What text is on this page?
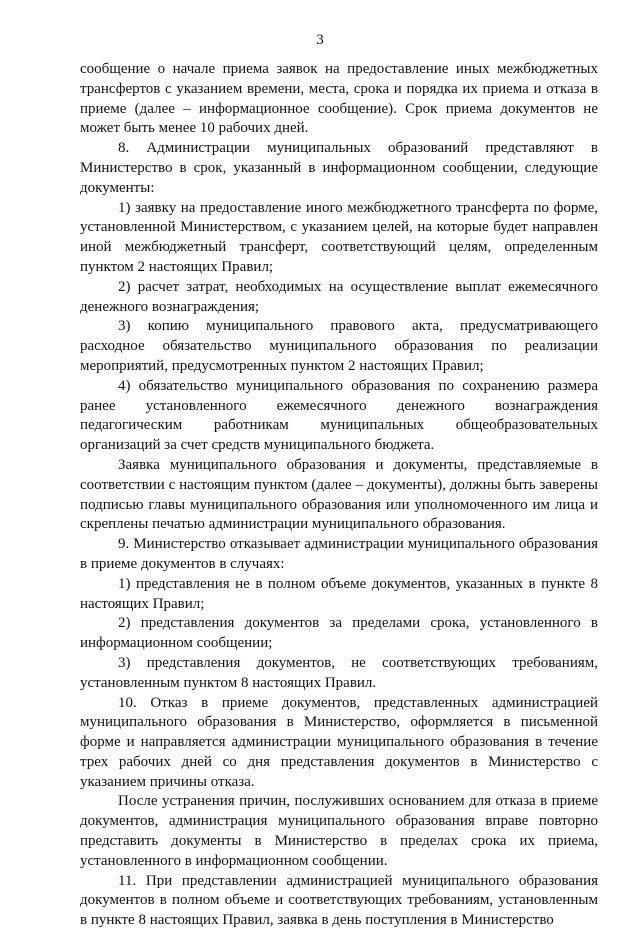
3

сообщение о начале приема заявок на предоставление иных межбюджетных трансфертов с указанием времени, места, срока и порядка их приема и отказа в приеме (далее – информационное сообщение). Срок приема документов не может быть менее 10 рабочих дней.

8. Администрации муниципальных образований представляют в Министерство в срок, указанный в информационном сообщении, следующие документы:

1) заявку на предоставление иного межбюджетного трансферта по форме, установленной Министерством, с указанием целей, на которые будет направлен иной межбюджетный трансферт, соответствующий целям, определенным пунктом 2 настоящих Правил;

2) расчет затрат, необходимых на осуществление выплат ежемесячного денежного вознаграждения;

3) копию муниципального правового акта, предусматривающего расходное обязательство муниципального образования по реализации мероприятий, предусмотренных пунктом 2 настоящих Правил;

4) обязательство муниципального образования по сохранению размера ранее установленного ежемесячного денежного вознаграждения педагогическим работникам муниципальных общеобразовательных организаций за счет средств муниципального бюджета.

Заявка муниципального образования и документы, представляемые в соответствии с настоящим пунктом (далее – документы), должны быть заверены подписью главы муниципального образования или уполномоченного им лица и скреплены печатью администрации муниципального образования.

9. Министерство отказывает администрации муниципального образования в приеме документов в случаях:

1) представления не в полном объеме документов, указанных в пункте 8 настоящих Правил;

2) представления документов за пределами срока, установленного в информационном сообщении;

3) представления документов, не соответствующих требованиям, установленным пунктом 8 настоящих Правил.

10. Отказ в приеме документов, представленных администрацией муниципального образования в Министерство, оформляется в письменной форме и направляется администрации муниципального образования в течение трех рабочих дней со дня представления документов в Министерство с указанием причины отказа.

После устранения причин, послуживших основанием для отказа в приеме документов, администрация муниципального образования вправе повторно представить документы в Министерство в пределах срока их приема, установленного в информационном сообщении.

11. При представлении администрацией муниципального образования документов в полном объеме и соответствующих требованиям, установленным в пункте 8 настоящих Правил, заявка в день поступления в Министерство
